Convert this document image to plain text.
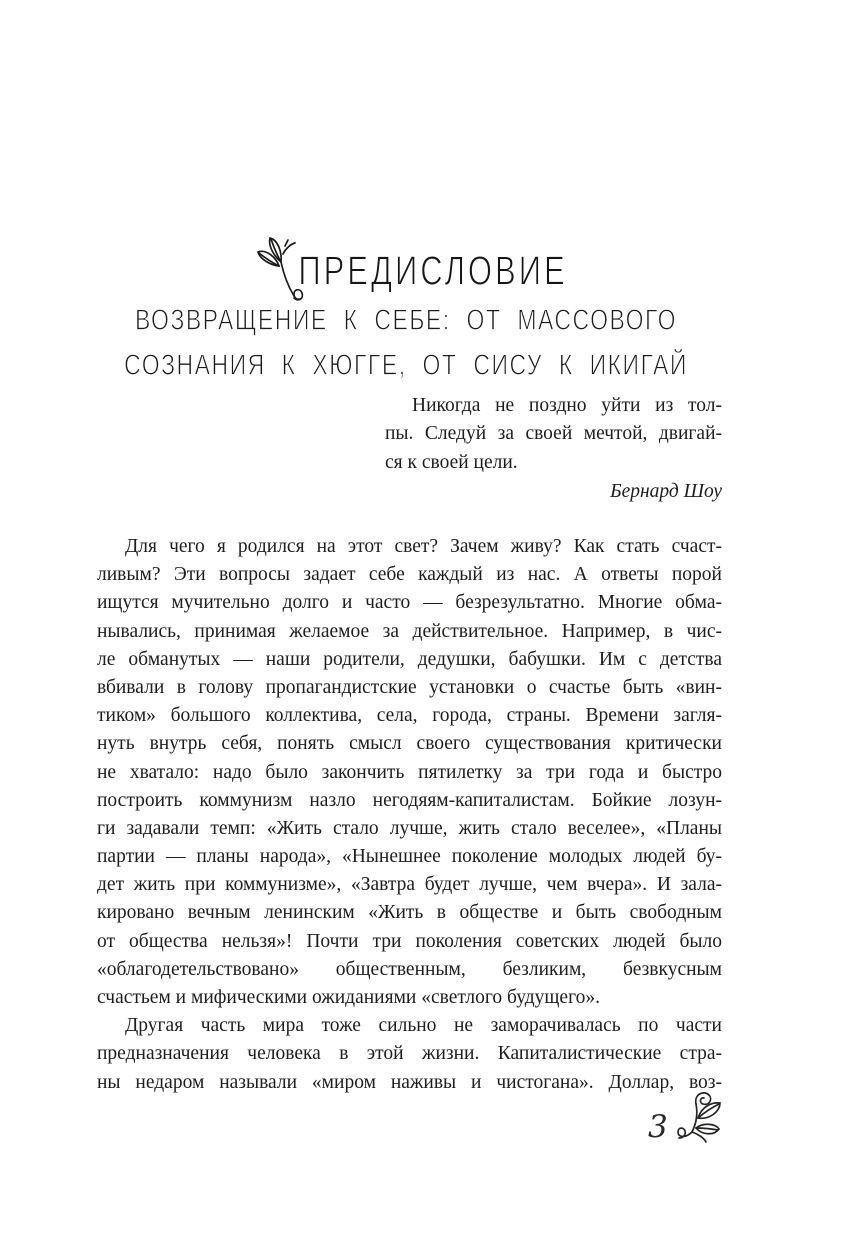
ПРЕДИСЛОВИЕ
ВОЗВРАЩЕНИЕ К СЕБЕ: ОТ МАССОВОГО
СОЗНАНИЯ К ХЮГГЕ, ОТ СИСУ К ИКИГАЙ
Никогда не поздно уйти из тол-
пы. Следуй за своей мечтой, двигай-
ся к своей цели.
Бернард Шоу
Для чего я родился на этот свет? Зачем живу? Как стать счаст-
ливым? Эти вопросы задает себе каждый из нас. А ответы порой
ищутся мучительно долго и часто — безрезультатно. Многие обма-
нывались, принимая желаемое за действительное. Например, в чис-
ле обманутых — наши родители, дедушки, бабушки. Им с детства
вбивали в голову пропагандистские установки о счастье быть «вин-
тиком» большого коллектива, села, города, страны. Времени загля-
нуть внутрь себя, понять смысл своего существования критически
не хватало: надо было закончить пятилетку за три года и быстро
построить коммунизм назло негодяям-капиталистам. Бойкие лозун-
ги задавали темп: «Жить стало лучше, жить стало веселее», «Планы
партии — планы народа», «Нынешнее поколение молодых людей бу-
дет жить при коммунизме», «Завтра будет лучше, чем вчера». И зала-
кировано вечным ленинским «Жить в обществе и быть свободным
от общества нельзя»! Почти три поколения советских людей было
«облагодетельствовано» общественным, безликим, безвкусным
счастьем и мифическими ожиданиями «светлого будущего».
Другая часть мира тоже сильно не заморачивалась по части
предназначения человека в этой жизни. Капиталистические стра-
ны недаром называли «миром наживы и чистогана». Доллар, воз-
3
